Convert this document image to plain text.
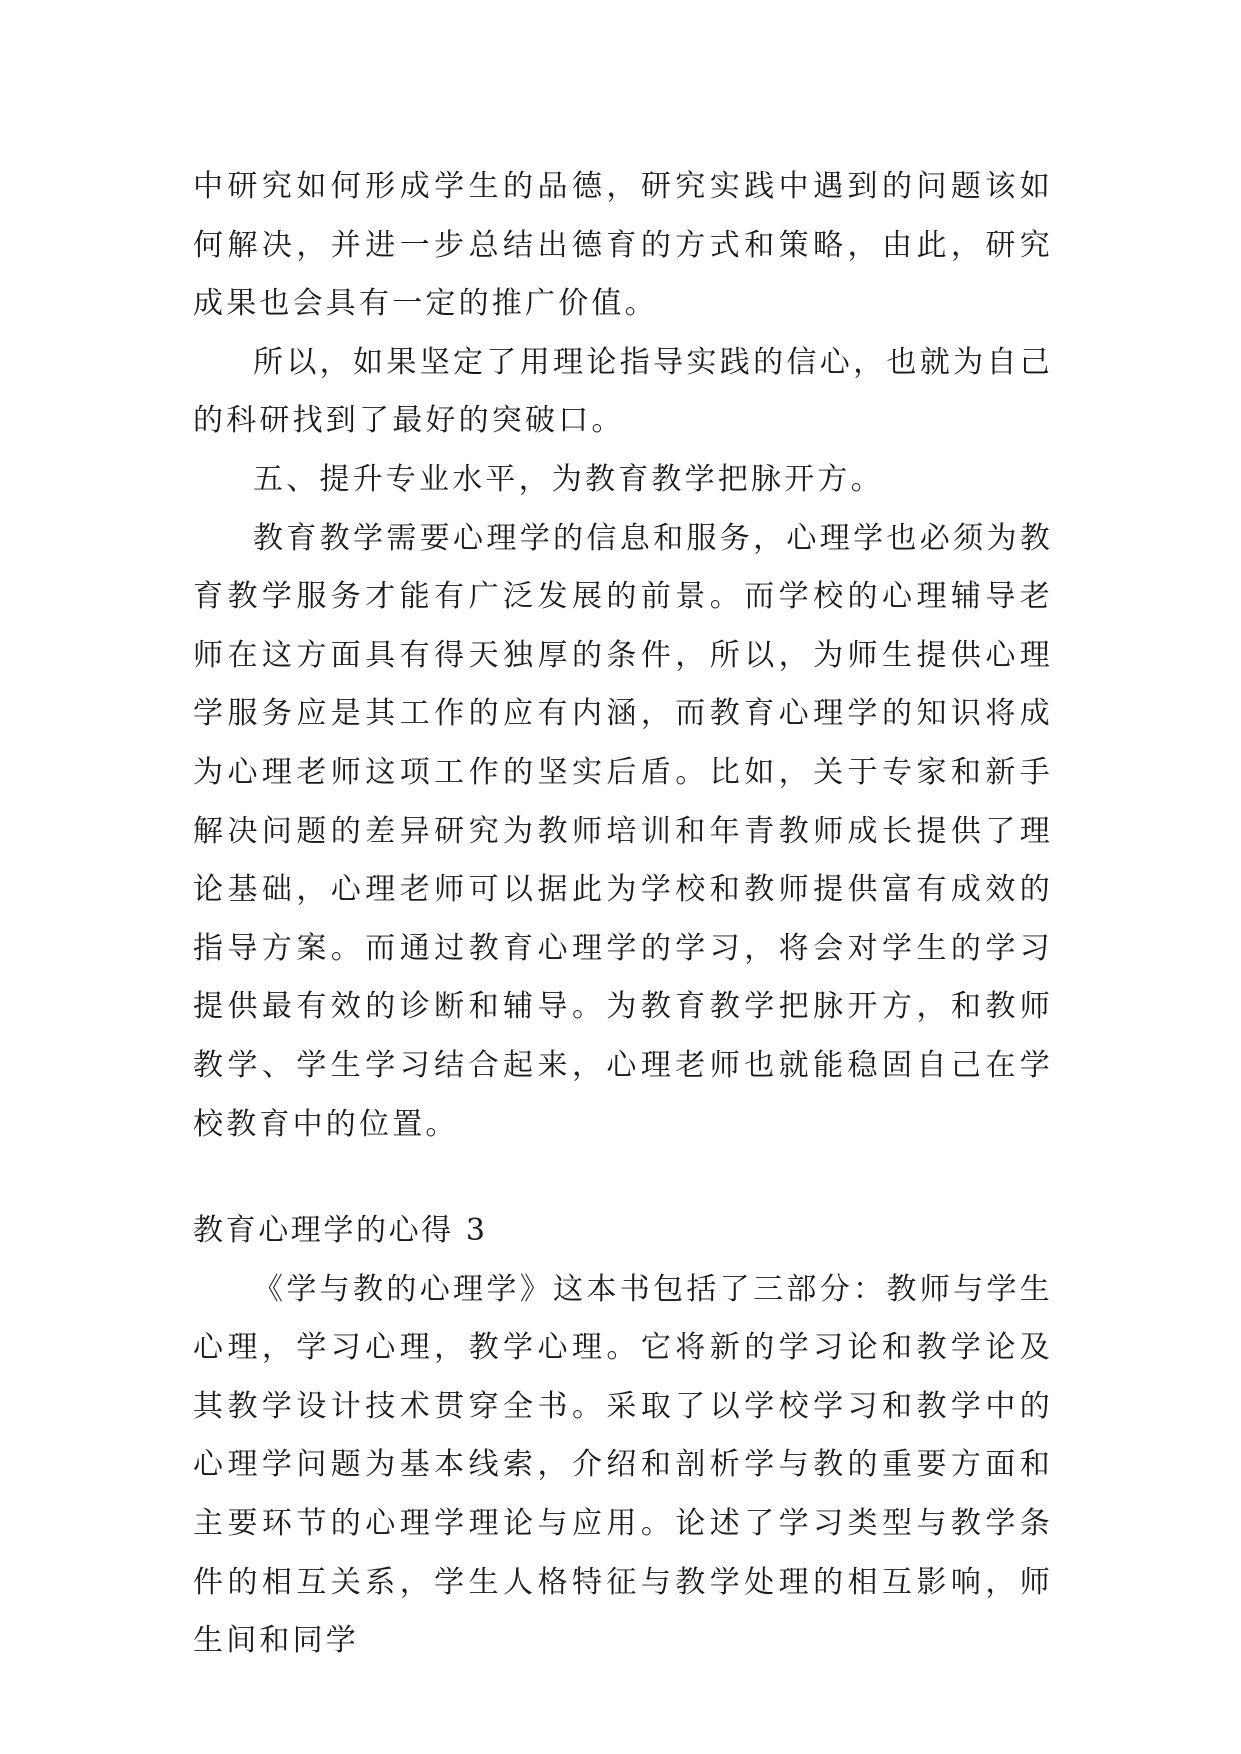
中研究如何形成学生的品德，研究实践中遇到的问题该如何解决，并进一步总结出德育的方式和策略，由此，研究成果也会具有一定的推广价值。

所以，如果坚定了用理论指导实践的信心，也就为自己的科研找到了最好的突破口。

五、提升专业水平，为教育教学把脉开方。

教育教学需要心理学的信息和服务，心理学也必须为教育教学服务才能有广泛发展的前景。而学校的心理辅导老师在这方面具有得天独厚的条件，所以，为师生提供心理学服务应是其工作的应有内涵，而教育心理学的知识将成为心理老师这项工作的坚实后盾。比如，关于专家和新手解决问题的差异研究为教师培训和年青教师成长提供了理论基础，心理老师可以据此为学校和教师提供富有成效的指导方案。而通过教育心理学的学习，将会对学生的学习提供最有效的诊断和辅导。为教育教学把脉开方，和教师教学、学生学习结合起来，心理老师也就能稳固自己在学校教育中的位置。

教育心理学的心得 3

《学与教的心理学》这本书包括了三部分：教师与学生心理，学习心理，教学心理。它将新的学习论和教学论及其教学设计技术贯穿全书。采取了以学校学习和教学中的心理学问题为基本线索，介绍和剖析学与教的重要方面和主要环节的心理学理论与应用。论述了学习类型与教学条件的相互关系，学生人格特征与教学处理的相互影响，师生间和同学
